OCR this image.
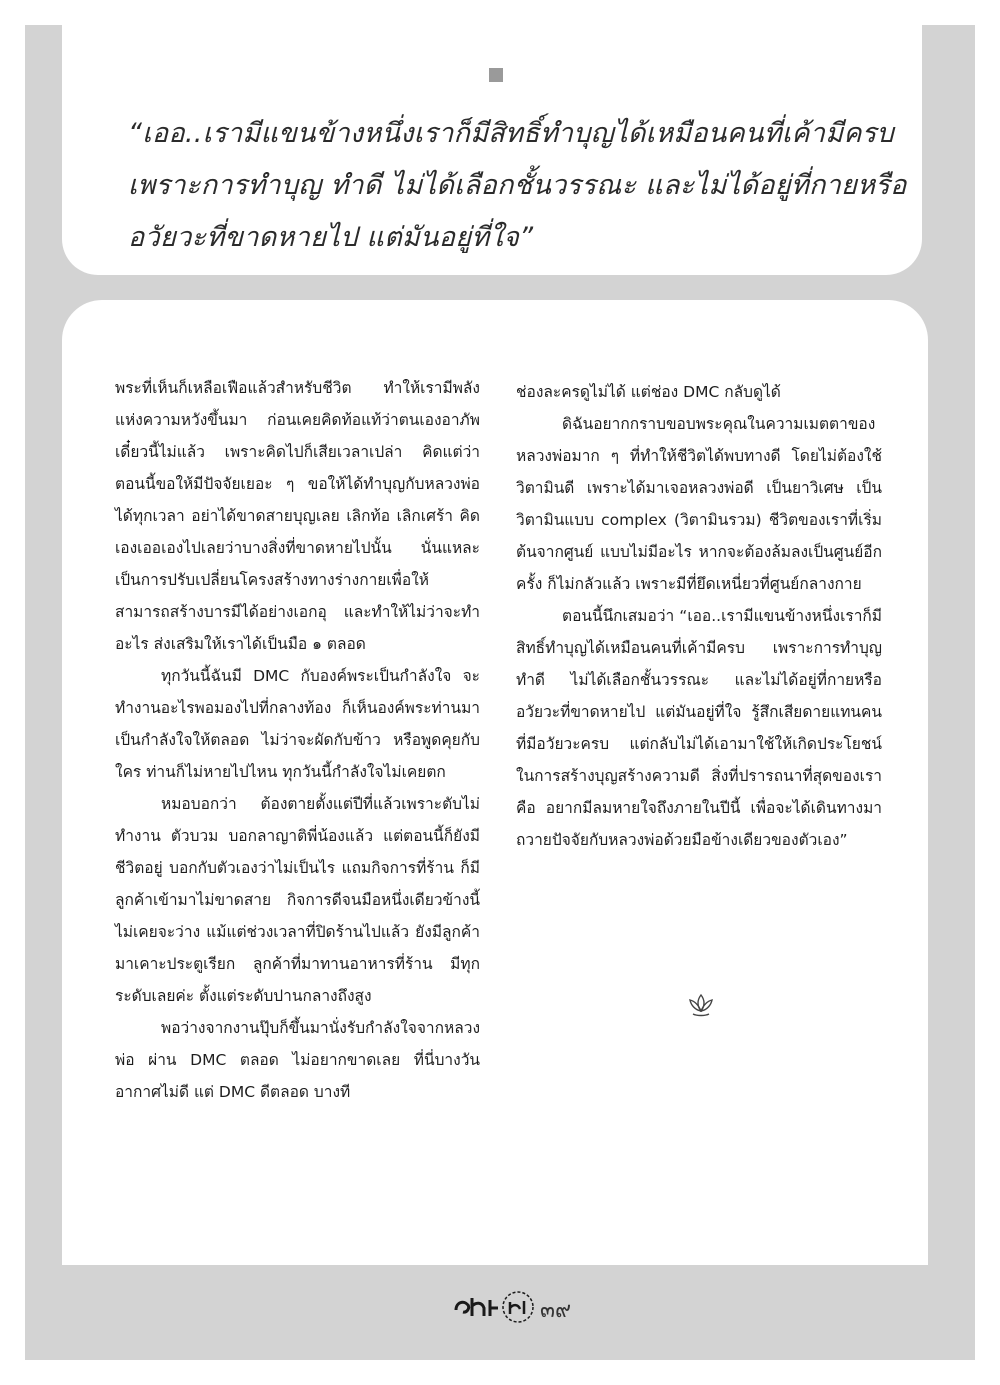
“เออ..เรามีแขนข้างหนึ่งเราก็มีสิทธิ์ทำบุญได้เหมือนคนที่เค้ามีครบ
เพราะการทำบุญ ทำดี ไม่ได้เลือกชั้นวรรณะ และไม่ได้อยู่ที่กายหรือ
อวัยวะที่ขาดหายไป แต่มันอยู่ที่ใจ”

พระที่เห็นก็เหลือเฟือแล้วสำหรับชีวิต ทำให้เรามีพลังแห่งความหวังขึ้นมา ก่อนเคยคิดท้อแท้ว่าตนเองอาภัพ เดี๋ยวนี้ไม่แล้ว เพราะคิดไปก็เสียเวลาเปล่า คิดแต่ว่าตอนนี้ขอให้มีปัจจัยเยอะ ๆ ขอให้ได้ทำบุญกับหลวงพ่อได้ทุกเวลา อย่าได้ขาดสายบุญเลย เลิกท้อ เลิกเศร้า คิดเองเออเองไปเลยว่าบางสิ่งที่ขาดหายไปนั้น นั่นแหละเป็นการปรับเปลี่ยนโครงสร้างทางร่างกายเพื่อให้สามารถสร้างบารมีได้อย่างเอกอุ และทำให้ไม่ว่าจะทำอะไร ส่งเสริมให้เราได้เป็นมือ ๑ ตลอด

ทุกวันนี้ฉันมี DMC กับองค์พระเป็นกำลังใจ จะทำงานอะไรพอมองไปที่กลางท้อง ก็เห็นองค์พระท่านมาเป็นกำลังใจให้ตลอด ไม่ว่าจะผัดกับข้าว หรือพูดคุยกับใคร ท่านก็ไม่หายไปไหน ทุกวันนี้กำลังใจไม่เคยตก

หมอบอกว่า ต้องตายตั้งแต่ปีที่แล้วเพราะตับไม่ทำงาน ตัวบวม บอกลาญาติพี่น้องแล้ว แต่ตอนนี้ก็ยังมีชีวิตอยู่ บอกกับตัวเองว่าไม่เป็นไร แถมกิจการที่ร้าน ก็มีลูกค้าเข้ามาไม่ขาดสาย กิจการดีจนมือหนึ่งเดียวข้างนี้ไม่เคยจะว่าง แม้แต่ช่วงเวลาที่ปิดร้านไปแล้ว ยังมีลูกค้ามาเคาะประตูเรียก ลูกค้าที่มาทานอาหารที่ร้าน มีทุกระดับเลยค่ะ ตั้งแต่ระดับปานกลางถึงสูง

พอว่างจากงานปุ๊บก็ขึ้นมานั่งรับกำลังใจจากหลวงพ่อ ผ่าน DMC ตลอด ไม่อยากขาดเลย ที่นี่บางวันอากาศไม่ดี แต่ DMC ดีตลอด บางที

ช่องละครดูไม่ได้ แต่ช่อง DMC กลับดูได้

ดิฉันอยากกราบขอบพระคุณในความเมตตาของหลวงพ่อมาก ๆ ที่ทำให้ชีวิตได้พบทางดี โดยไม่ต้องใช้วิตามินดี เพราะได้มาเจอหลวงพ่อดี เป็นยาวิเศษ เป็นวิตามินแบบ complex (วิตามินรวม) ชีวิตของเราที่เริ่มต้นจากศูนย์ แบบไม่มีอะไร หากจะต้องล้มลงเป็นศูนย์อีกครั้ง ก็ไม่กลัวแล้ว เพราะมีที่ยึดเหนี่ยวที่ศูนย์กลางกาย

ตอนนี้นึกเสมอว่า “เออ..เรามีแขนข้างหนึ่งเราก็มีสิทธิ์ทำบุญได้เหมือนคนที่เค้ามีครบ เพราะการทำบุญ ทำดี ไม่ได้เลือกชั้นวรรณะ และไม่ได้อยู่ที่กายหรืออวัยวะที่ขาดหายไป แต่มันอยู่ที่ใจ รู้สึกเสียดายแทนคนที่มีอวัยวะครบ แต่กลับไม่ได้เอามาใช้ให้เกิดประโยชน์ในการสร้างบุญสร้างความดี สิ่งที่ปรารถนาที่สุดของเราคือ อยากมีลมหายใจถึงภายในปีนี้ เพื่อจะได้เดินทางมาถวายปัจจัยกับหลวงพ่อด้วยมือข้างเดียวของตัวเอง”

๓๙
